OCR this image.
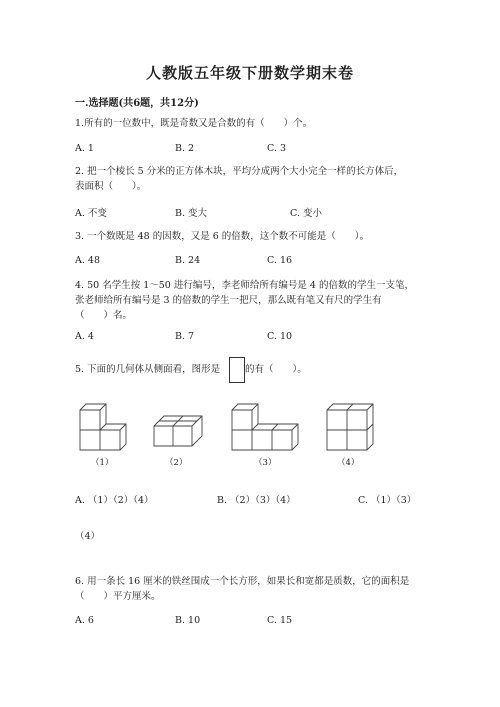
人教版五年级下册数学期末卷
一.选择题(共6题，共12分)
1.所有的一位数中，既是奇数又是合数的有（　　）个。
A. 1	B. 2	C. 3
2. 把一个棱长 5 分米的正方体木块，平均分成两个大小完全一样的长方体后，
表面积（　　）。
A. 不变	B. 变大	C. 变小
3. 一个数既是 48 的因数，又是 6 的倍数，这个数不可能是（　　）。
A. 48	B. 24	C. 16
4. 50 名学生按 1～50 进行编号，李老师给所有编号是 4 的倍数的学生一支笔，
张老师给所有编号是 3 的倍数的学生一把尺，那么既有笔又有尺的学生有
（　　）名。
A. 4	B. 7	C. 10
5. 下面的几何体从侧面看，图形是	的有（　　）。
（1）	（2）	（3）	（4）
A. （1）（2）（4）	B. （2）（3）（4）	C. （1）（3）
（4）
6. 用一条长 16 厘米的铁丝围成一个长方形，如果长和宽都是质数，它的面积是
（　　）平方厘米。
A. 6	B. 10	C. 15
